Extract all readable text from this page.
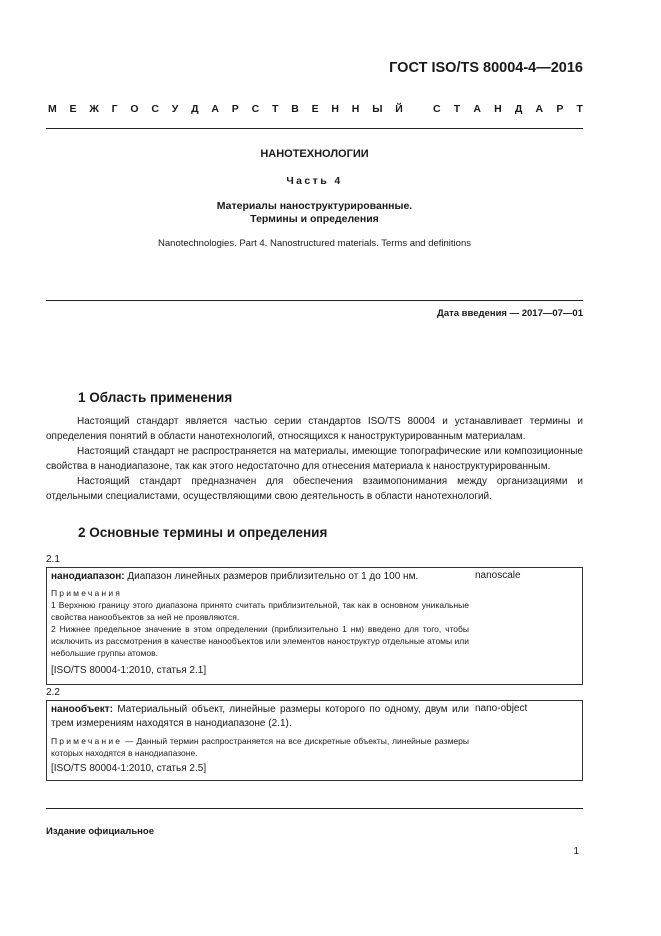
ГОСТ ISO/TS 80004-4—2016
М Е Ж Г О С У Д А Р С Т В Е Н Н Ы Й	С Т А Н Д А Р Т
НАНОТЕХНОЛОГИИ
Часть 4
Материалы наноструктурированные.
Термины и определения
Nanotechnologies. Part 4. Nanostructured materials. Terms and definitions
Дата введения — 2017—07—01
1 Область применения

Настоящий стандарт является частью серии стандартов ISO/TS 80004 и устанавливает термины и определения понятий в области нанотехнологий, относящихся к наноструктурированным материалам.

Настоящий стандарт не распространяется на материалы, имеющие топографические или композиционные свойства в нанодиапазоне, так как этого недостаточно для отнесения материала к наноструктурированным.

Настоящий стандарт предназначен для обеспечения взаимопонимания между организациями и отдельными специалистами, осуществляющими свою деятельность в области нанотехнологий.

2 Основные термины и определения
2.1
нанодиапазон: Диапазон линейных размеров приблизительно от 1 до 100 нм.
Примечания
1 Верхнюю границу этого диапазона принято считать приблизительной, так как в основном уникальные свойства нанообъектов за ней не проявляются.
2 Нижнее предельное значение в этом определении (приблизительно 1 нм) введено для того, чтобы исключить из рассмотрения в качестве нанообъектов или элементов наноструктур отдельные атомы или небольшие группы атомов.
[ISO/TS 80004-1:2010, статья 2.1]
nanoscale
2.2
нанообъект: Материальный объект, линейные размеры которого по одному, двум или трем измерениям находятся в нанодиапазоне (2.1).
Примечание — Данный термин распространяется на все дискретные объекты, линейные размеры которых находятся в нанодиапазоне.
[ISO/TS 80004-1:2010, статья 2.5]
nano-object
Издание официальное
1
